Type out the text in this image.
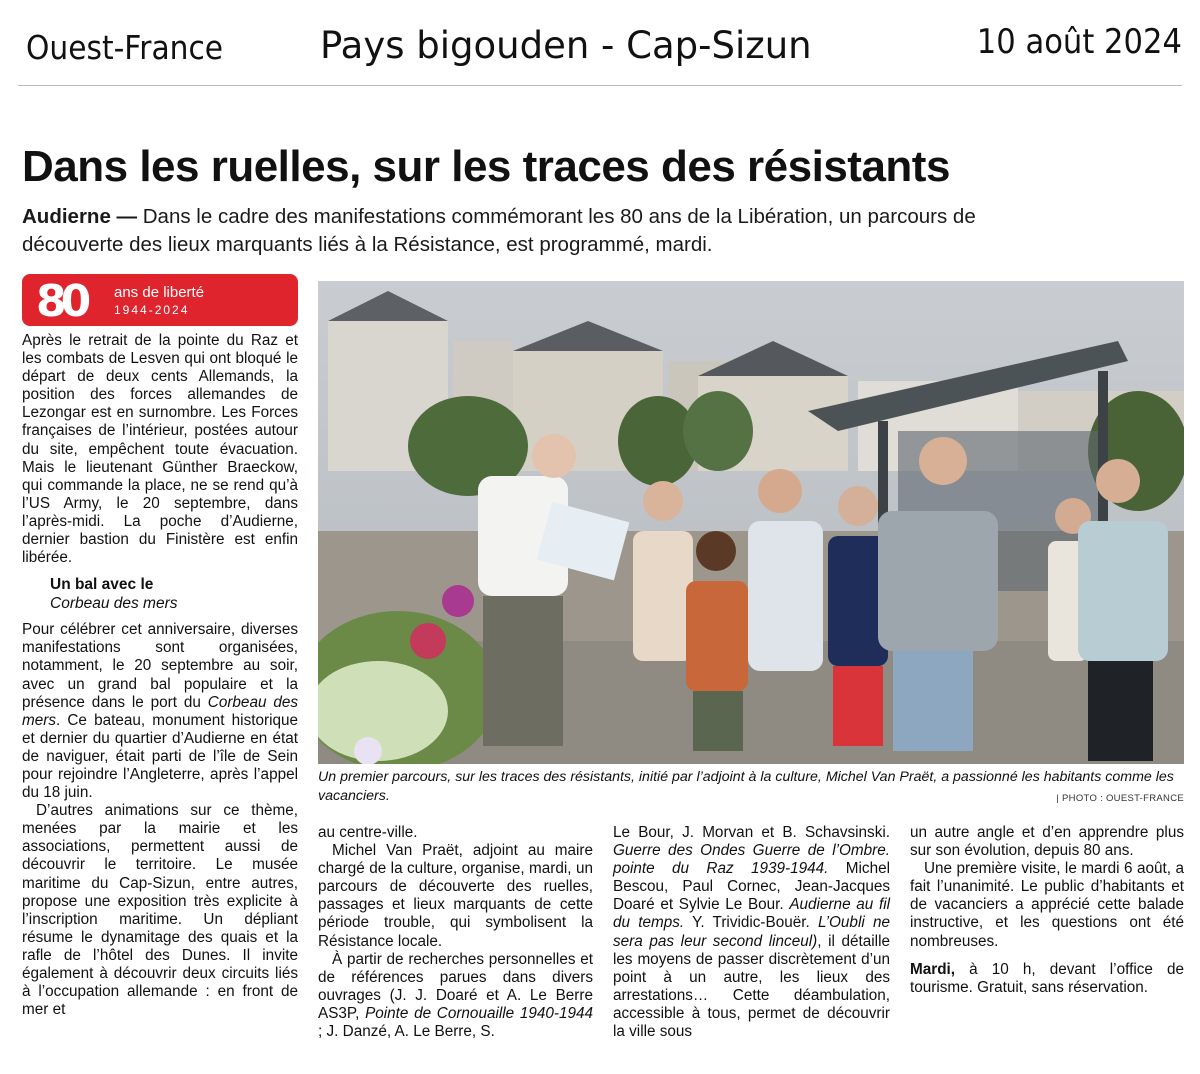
Ouest-France	Pays bigouden - Cap-Sizun	10 août 2024
Dans les ruelles, sur les traces des résistants
Audierne — Dans le cadre des manifestations commémorant les 80 ans de la Libération, un parcours de découverte des lieux marquants liés à la Résistance, est programmé, mardi.
80 ans de liberté
1944-2024

Après le retrait de la pointe du Raz et les combats de Lesven qui ont bloqué le départ de deux cents Allemands, la position des forces allemandes de Lezongar est en surnombre. Les Forces françaises de l’intérieur, postées autour du site, empêchent toute évacuation. Mais le lieutenant Günther Braeckow, qui commande la place, ne se rend qu’à l’US Army, le 20 septembre, dans l’après-midi. La poche d’Audierne, dernier bastion du Finistère est enfin libérée.

Un bal avec le
Corbeau des mers

Pour célébrer cet anniversaire, diverses manifestations sont organisées, notamment, le 20 septembre au soir, avec un grand bal populaire et la présence dans le port du Corbeau des mers. Ce bateau, monument historique et dernier du quartier d’Audierne en état de naviguer, était parti de l’île de Sein pour rejoindre l’Angleterre, après l’appel du 18 juin.

D’autres animations sur ce thème, menées par la mairie et les associations, permettent aussi de découvrir le territoire. Le musée maritime du Cap-Sizun, entre autres, propose une exposition très explicite à l’inscription maritime. Un dépliant résume le dynamitage des quais et la rafle de l’hôtel des Dunes. Il invite également à découvrir deux circuits liés à l’occupation allemande : en front de mer et

Un premier parcours, sur les traces des résistants, initié par l’adjoint à la culture, Michel Van Praët, a passionné les habitants comme les vacanciers.	| PHOTO : OUEST-FRANCE

au centre-ville.

Michel Van Praët, adjoint au maire chargé de la culture, organise, mardi, un parcours de découverte des ruelles, passages et lieux marquants de cette période trouble, qui symbolisent la Résistance locale.

À partir de recherches personnelles et de références parues dans divers ouvrages (J. J. Doaré et A. Le Berre AS3P, Pointe de Cornouaille 1940-1944 ; J. Danzé, A. Le Berre, S.

Le Bour, J. Morvan et B. Schavsinski. Guerre des Ondes Guerre de l’Ombre. pointe du Raz 1939-1944. Michel Bescou, Paul Cornec, Jean-Jacques Doaré et Sylvie Le Bour. Audierne au fil du temps. Y. Trividic-Bouër. L’Oubli ne sera pas leur second linceul), il détaille les moyens de passer discrètement d’un point à un autre, les lieux des arrestations… Cette déambulation, accessible à tous, permet de découvrir la ville sous

un autre angle et d’en apprendre plus sur son évolution, depuis 80 ans.

Une première visite, le mardi 6 août, a fait l’unanimité. Le public d’habitants et de vacanciers a apprécié cette balade instructive, et les questions ont été nombreuses.

Mardi, à 10 h, devant l’office de tourisme. Gratuit, sans réservation.
